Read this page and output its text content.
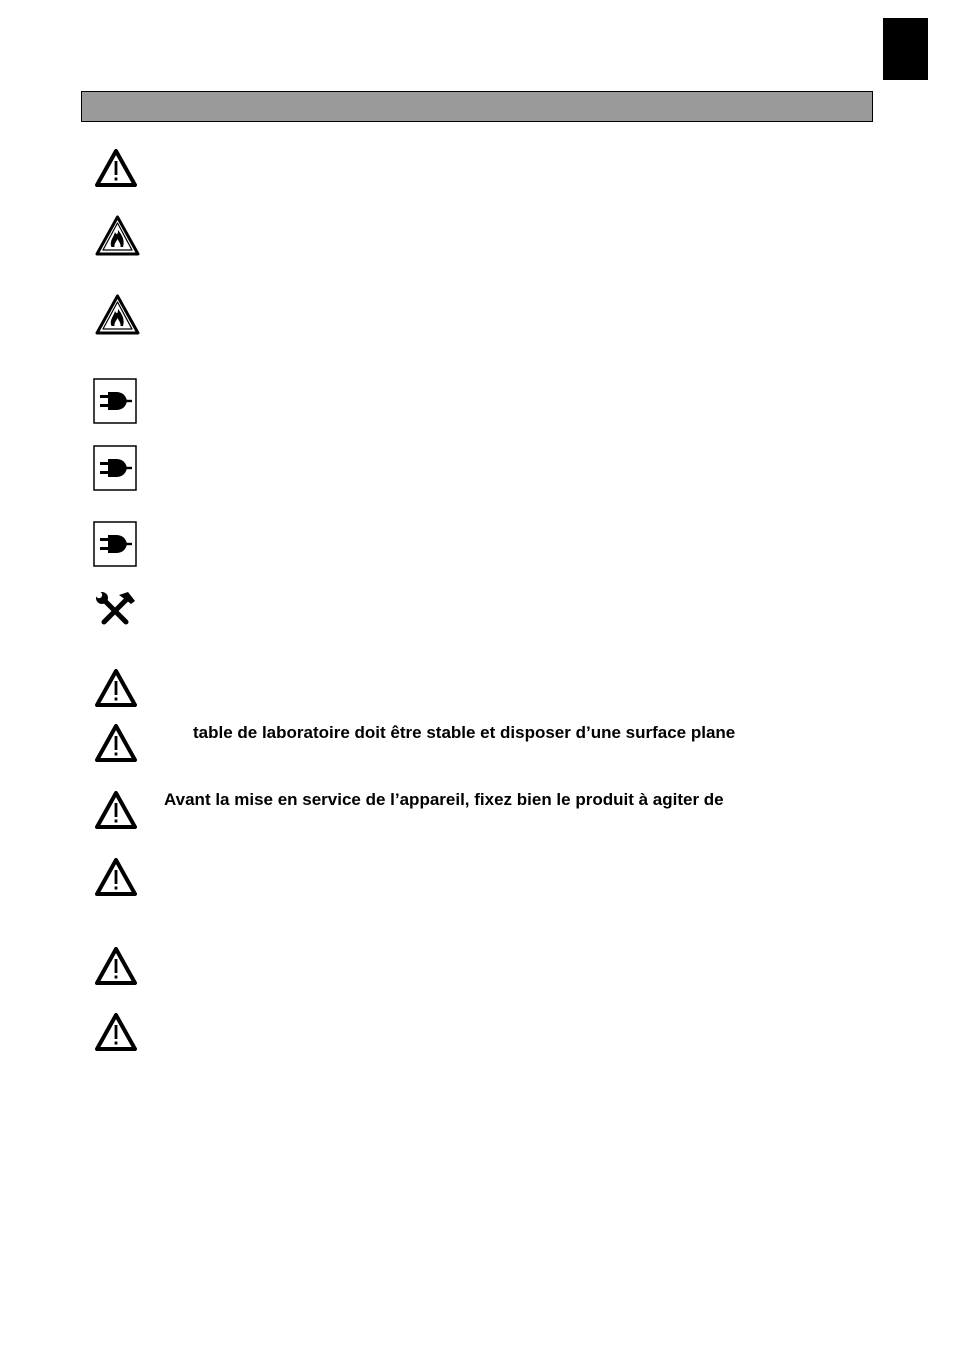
table de laboratoire doit être stable et disposer d’une surface plane
Avant la mise en service de l’appareil, fixez bien le produit à agiter de
